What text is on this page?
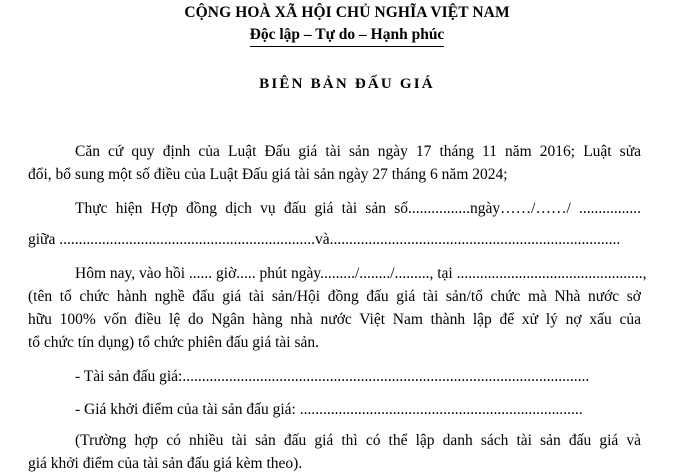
CỘNG HOÀ XÃ HỘI CHỦ NGHĨA VIỆT NAM
Độc lập – Tự do – Hạnh phúc
BIÊN BẢN ĐẤU GIÁ
Căn cứ quy định của Luật Đấu giá tài sản ngày 17 tháng 11 năm 2016; Luật sửa
đổi, bổ sung một số điều của Luật Đấu giá tài sản ngày 27 tháng 6 năm 2024;
Thực hiện Hợp đồng dịch vụ đấu giá tài sản số................ngày……/……/ ................
giữa ..................................................................và...........................................................................
Hôm nay, vào hồi ...... giờ..... phút ngày........./......../........., tại ................................................,
(tên tổ chức hành nghề đấu giá tài sản/Hội đồng đấu giá tài sản/tổ chức mà Nhà nước sở
hữu 100% vốn điều lệ do Ngân hàng nhà nước Việt Nam thành lập để xử lý nợ xấu của
tổ chức tín dụng) tổ chức phiên đấu giá tài sản.
- Tài sản đấu giá:.........................................................................................................
- Giá khởi điểm của tài sản đấu giá: .........................................................................
(Trường hợp có nhiều tài sản đấu giá thì có thể lập danh sách tài sản đấu giá và
giá khởi điểm của tài sản đấu giá kèm theo).
